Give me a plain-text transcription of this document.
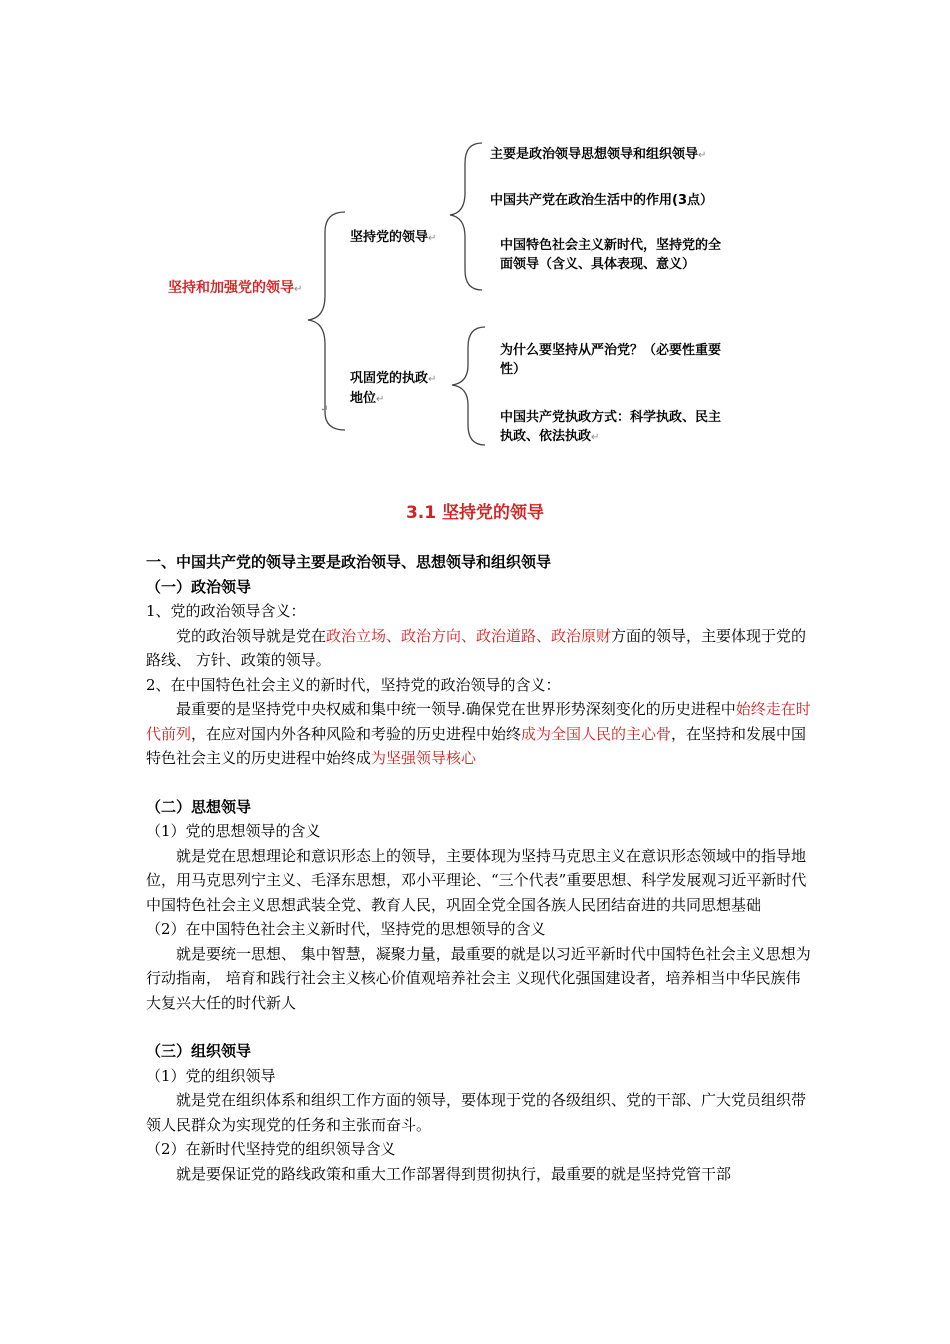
坚持和加强党的领导↵
坚持党的领导↵
主要是政治领导思想领导和组织领导↵
中国共产党在政治生活中的作用(3点）
中国特色社会主义新时代，坚持党的全
面领导（含义、具体表现、意义）
巩固党的执政↵
地位↵
↵
为什么要坚持从严治党？（必要性重要
性）
中国共产党执政方式：科学执政、民主
执政、依法执政↵
3.1 坚持党的领导

一、中国共产党的领导主要是政治领导、思想领导和组织领导

（一）政治领导

1、党的政治领导含义：

党的政治领导就是党在政治立场、政治方向、政治道路、政治原财方面的领导，主要体现于党的路线、 方针、政策的领导。

2、在中国特色社会主义的新时代，坚持党的政治领导的含义：

最重要的是坚持党中央权威和集中统一领导.确保党在世界形势深刻变化的历史进程中始终走在时代前列，在应对国内外各种风险和考验的历史进程中始终成为全国人民的主心骨，在坚持和发展中国特色社会主义的历史进程中始终成为坚强领导核心

（二）思想领导

（1）党的思想领导的含义

就是党在思想理论和意识形态上的领导，主要体现为坚持马克思主义在意识形态领域中的指导地位，用马克思列宁主义、毛泽东思想，邓小平理论、“三个代表”重要思想、科学发展观习近平新时代中国特色社会主义思想武装全党、教育人民，巩固全党全国各族人民团结奋进的共同思想基础

（2）在中国特色社会主义新时代，坚持党的思想领导的含义

就是要统一思想、 集中智慧，凝聚力量，最重要的就是以习近平新时代中国特色社会主义思想为行动指南， 培育和践行社会主义核心价值观培养社会主 义现代化强国建设者，培养相当中华民族伟大复兴大任的时代新人

（三）组织领导

（1）党的组织领导

就是党在组织体系和组织工作方面的领导，要体现于党的各级组织、党的干部、广大党员组织带领人民群众为实现党的任务和主张而奋斗。

（2）在新时代坚持党的组织领导含义

就是要保证党的路线政策和重大工作部署得到贯彻执行，最重要的就是坚持党管干部
